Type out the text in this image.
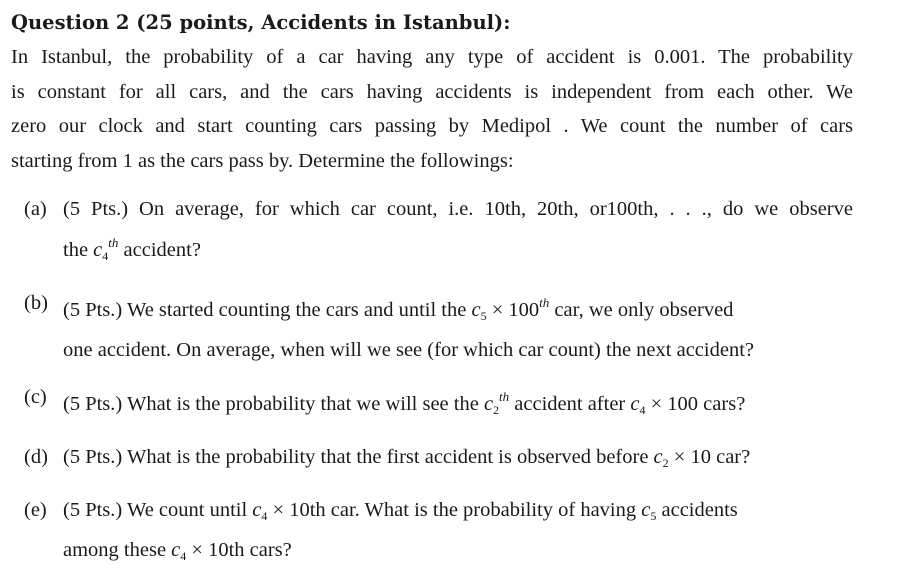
Question 2 (25 points, Accidents in Istanbul):
In Istanbul, the probability of a car having any type of accident is 0.001. The probability
is constant for all cars, and the cars having accidents is independent from each other. We
zero our clock and start counting cars passing by Medipol . We count the number of cars
starting from 1 as the cars pass by. Determine the followings:
(a) (5 Pts.) On average, for which car count, i.e. 10th, 20th, or100th, . . ., do we observe
the $c_4^{th}$ accident?
(b) (5 Pts.) We started counting the cars and until the $c_5 \times 100th$ car, we only observed
one accident. On average, when will we see (for which car count) the next accident?
(c) (5 Pts.) What is the probability that we will see the $c_2^{th}$ accident after $c_4 \times 100$ cars?
(d) (5 Pts.) What is the probability that the first accident is observed before $c_2 \times 10$ car?
(e) (5 Pts.) We count until $c_4 \times 10th$ car. What is the probability of having $c_5$ accidents
among these $c_4 \times 10th$ cars?
